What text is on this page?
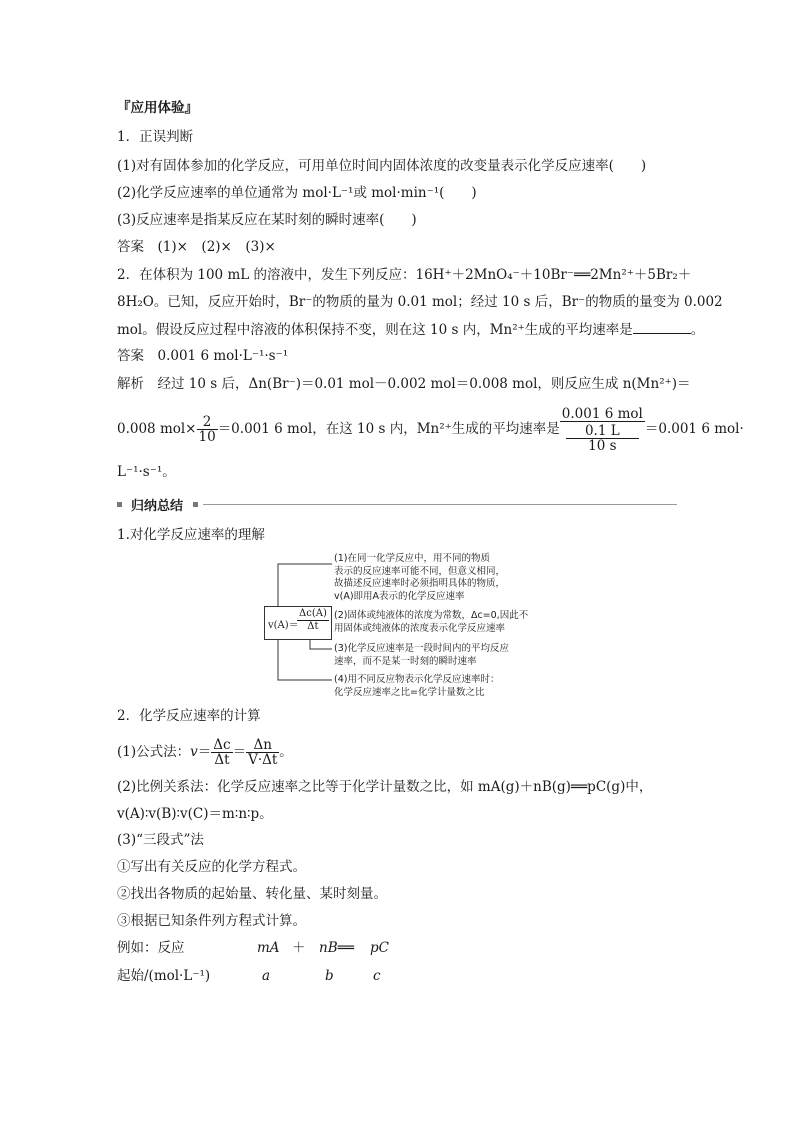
『应用体验』
1．正误判断
(1)对有固体参加的化学反应，可用单位时间内固体浓度的改变量表示化学反应速率(　　)
(2)化学反应速率的单位通常为 mol·L⁻¹或 mol·min⁻¹(　　)
(3)反应速率是指某反应在某时刻的瞬时速率(　　)
答案　 (1)×　(2)×　(3)×
2．在体积为 100 mL 的溶液中，发生下列反应：16H⁺＋2MnO₄⁻＋10Br⁻══2Mn²⁺＋5Br₂＋
8H₂O。已知，反应开始时，Br⁻的物质的量为 0.01 mol；经过 10 s 后，Br⁻的物质的量变为 0.002
mol。假设反应过程中溶液的体积保持不变，则在这 10 s 内，Mn²⁺生成的平均速率是	。
答案　 0.001 6 mol·L⁻¹·s⁻¹
解析　 经过 10 s 后，Δn(Br⁻)＝0.01 mol－0.002 mol＝0.008 mol，则反应生成 n(Mn²⁺)＝
0.008 $mol\times \frac{2}{10} =0.001$ 6 mol，在这 10 s 内，Mn²⁺生成的平均速率是
0.001 6 mol
0.1 L
10 s
＝0.001 6 mol·
L⁻¹·s⁻¹。
归纳总结
1.对化学反应速率的理解
v(A)＝
$\frac{\Delta c(A)}{\Delta t}$
(1)在同一化学反应中，用不同的物质
表示的反应速率可能不同，但意义相同，
故描述反应速率时必须指明具体的物质，
v(A)即用A表示的化学反应速率
(2)固体或纯液体的浓度为常数，Δc=0,因此不
用固体或纯液体的浓度表示化学反应速率
(3)化学反应速率是一段时间内的平均反应
速率，而不是某一时刻的瞬时速率
(4)用不同反应物表示化学反应速率时：
化学反应速率之比=化学计量数之比
2．化学反应速率的计算
(1)公式法：$v= \frac{\Delta c}{\Delta t} = \frac{\Delta n}{V\cdot\Delta t}$ 。
(2)比例关系法：化学反应速率之比等于化学计量数之比，如 mA(g)＋nB(g)══pC(g)中，
v(A)∶v(B)∶v(C)＝m∶n∶p。
(3)“三段式”法
①写出有关反应的化学方程式。
②找出各物质的起始量、转化量、某时刻量。
③根据已知条件列方程式计算。
例如：反应	mA ＋ nB══ pC
起始/(mol·L⁻¹)	a	b	c
